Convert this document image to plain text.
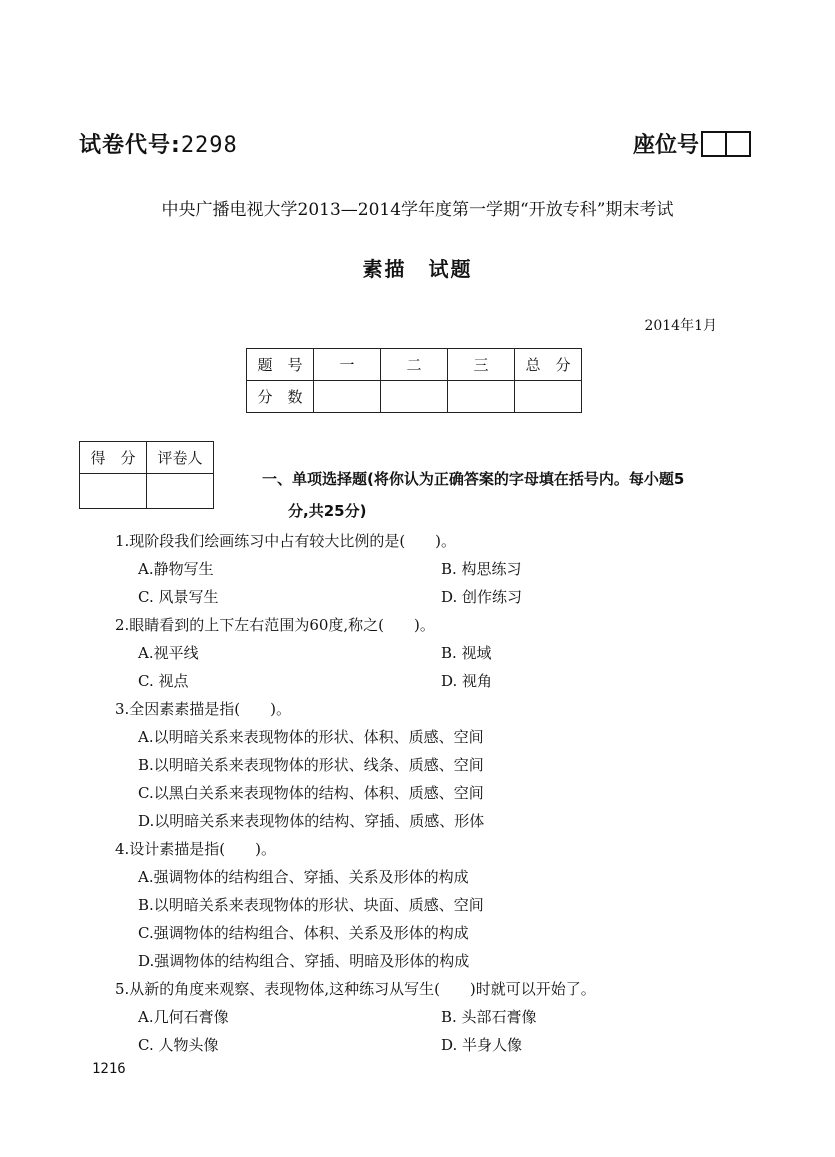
试卷代号:2298	座位号
中央广播电视大学2013—2014学年度第一学期“开放专科”期末考试
素描　试题
2014年1月
题　号	一	二	三	总　分
分　数				
得　分	评卷人

一、单项选择题(将你认为正确答案的字母填在括号内。每小题5
分,共25分)
1.现阶段我们绘画练习中占有较大比例的是(　　)。
A.静物写生	B. 构思练习
C. 风景写生	D. 创作练习
2.眼睛看到的上下左右范围为60度,称之(　　)。
A.视平线	B. 视域
C. 视点	D. 视角
3.全因素素描是指(　　)。
A.以明暗关系来表现物体的形状、体积、质感、空间
B.以明暗关系来表现物体的形状、线条、质感、空间
C.以黑白关系来表现物体的结构、体积、质感、空间
D.以明暗关系来表现物体的结构、穿插、质感、形体
4.设计素描是指(　　)。
A.强调物体的结构组合、穿插、关系及形体的构成
B.以明暗关系来表现物体的形状、块面、质感、空间
C.强调物体的结构组合、体积、关系及形体的构成
D.强调物体的结构组合、穿插、明暗及形体的构成
5.从新的角度来观察、表现物体,这种练习从写生(　　)时就可以开始了。
A.几何石膏像	B. 头部石膏像
C. 人物头像	D. 半身人像
1216
